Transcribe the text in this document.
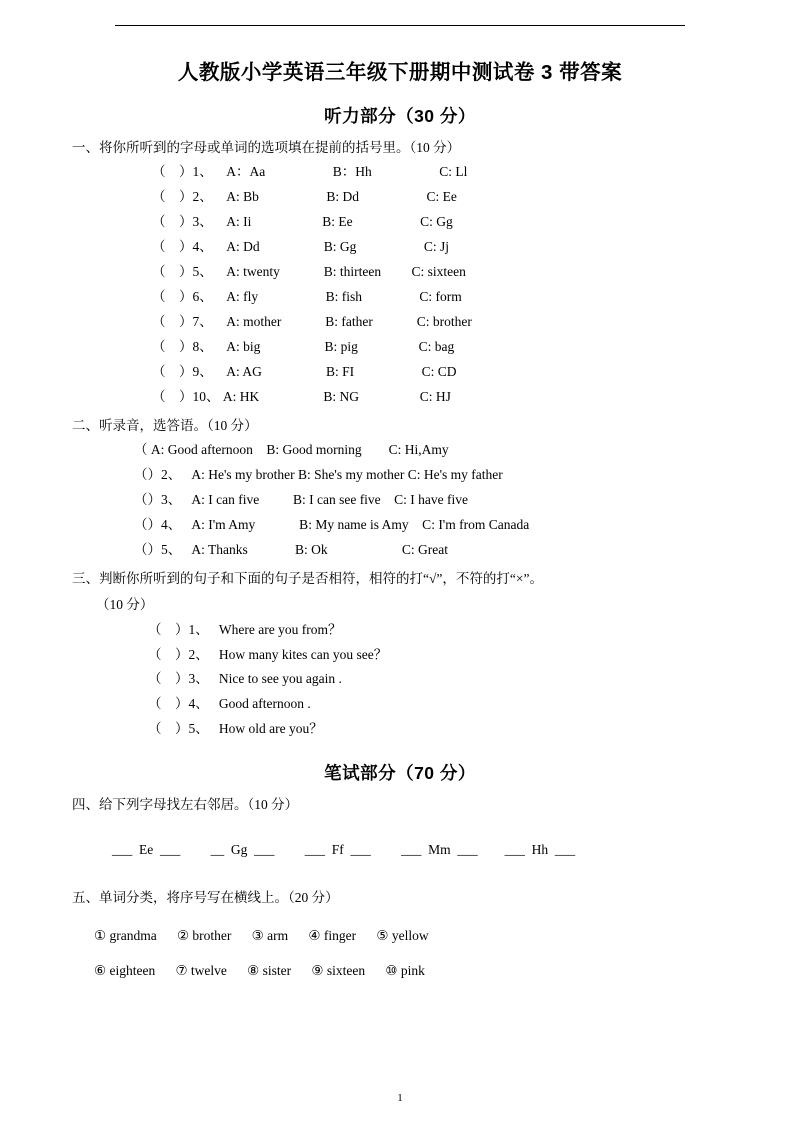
人教版小学英语三年级下册期中测试卷 3 带答案
听力部分（30 分）
一、将你所听到的字母或单词的选项填在提前的括号里。（10 分）
（    ）1、    A：Aa                    B：Hh                    C: Ll
（    ）2、    A: Bb                    B: Dd                    C: Ee
（    ）3、    A: Ii                     B: Ee                    C: Gg
（    ）4、    A: Dd                   B: Gg                    C: Jj
（    ）5、    A: twenty             B: thirteen         C: sixteen
（    ）6、    A: fly                    B: fish                 C: form
（    ）7、    A: mother             B: father             C: brother
（    ）8、    A: big                   B: pig                  C: bag
（    ）9、    A: AG                   B: FI                    C: CD
（    ）10、 A: HK                   B: NG                  C: HJ
二、听录音，选答语。（10 分）
（ A: Good afternoon    B: Good morning        C: Hi,Amy
（）2、   A: He's my brother B: She's my mother C: He's my father
（）3、   A: I can five          B: I can see five    C: I have five
（）4、   A: I'm Amy             B: My name is Amy    C: I'm from Canada
（）5、   A: Thanks              B: Ok                      C: Great
三、判断你所听到的句子和下面的句子是否相符，相符的打“√”，不符的打“×”。
（10 分）
（    ）1、   Where are you from？
（    ）2、   How many kites can you see？
（    ）3、   Nice to see you again .
（    ）4、   Good afternoon .
（    ）5、   How old are you？
笔试部分（70 分）
四、给下列字母找左右邻居。（10 分）
___  Ee  ___         __  Gg  ___         ___  Ff  ___         ___  Mm  ___        ___  Hh  ___
五、单词分类，将序号写在横线上。（20 分）
① grandma      ② brother      ③ arm      ④ finger      ⑤ yellow
⑥ eighteen      ⑦ twelve      ⑧ sister      ⑨ sixteen      ⑩ pink
1
